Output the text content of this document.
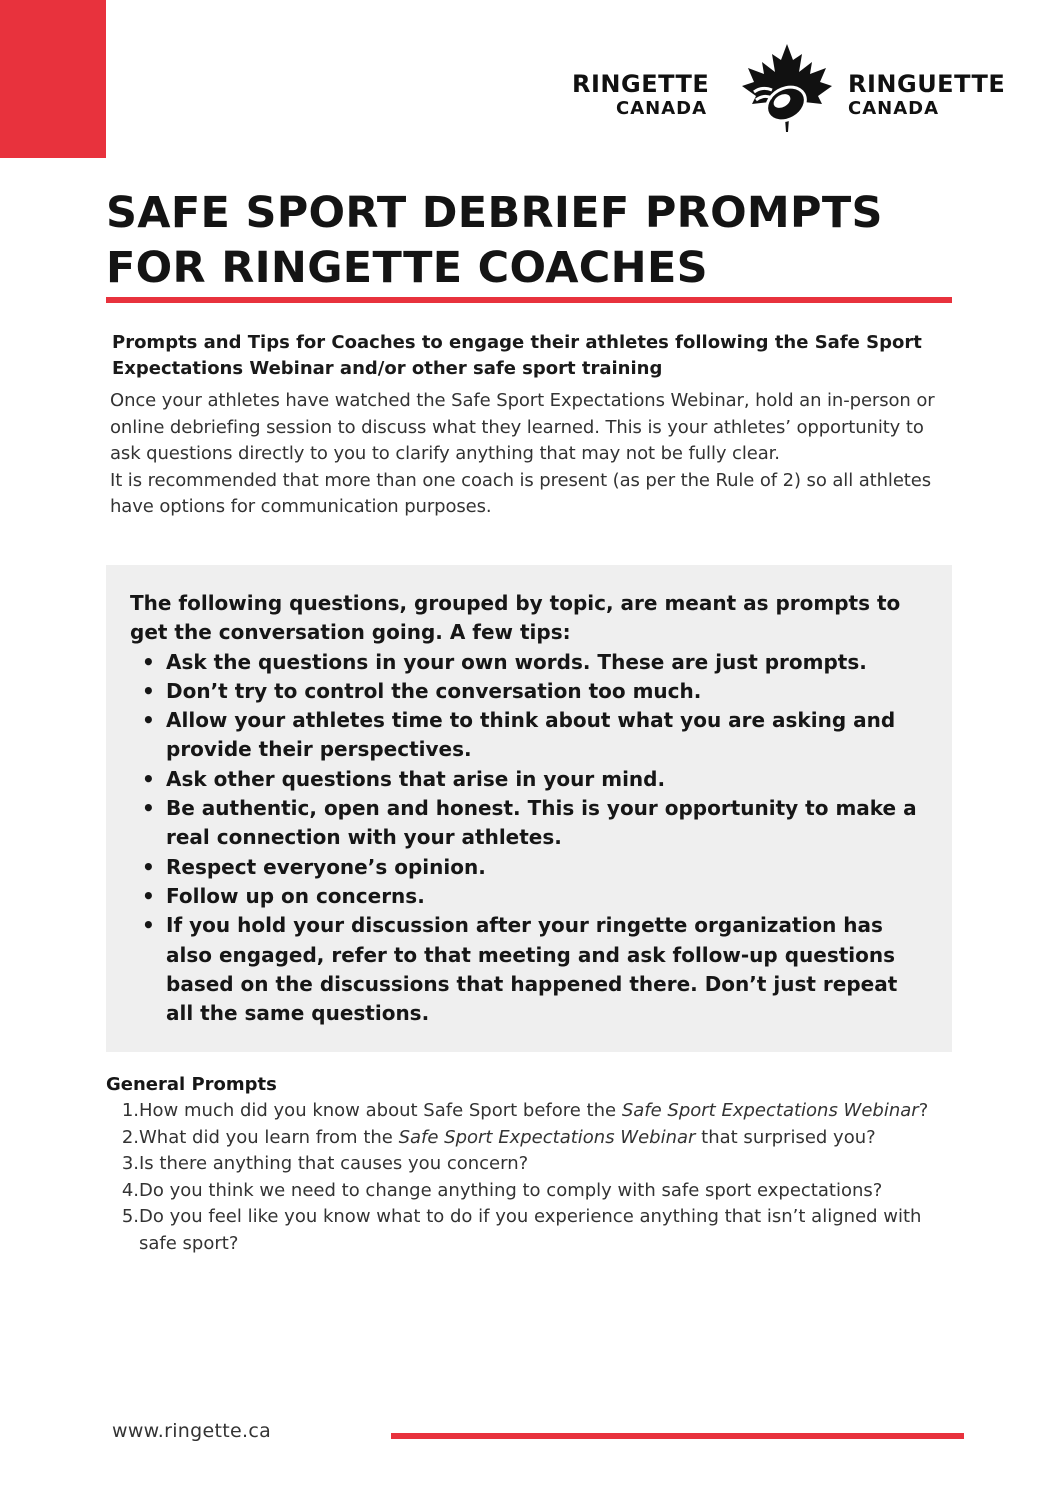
RINGETTE
CANADA
RINGUETTE
CANADA
SAFE SPORT DEBRIEF PROMPTS
FOR RINGETTE COACHES

Prompts and Tips for Coaches to engage their athletes following the Safe Sport Expectations Webinar and/or other safe sport training

Once your athletes have watched the Safe Sport Expectations Webinar, hold an in-person or online debriefing session to discuss what they learned. This is your athletes’ opportunity to ask questions directly to you to clarify anything that may not be fully clear.

It is recommended that more than one coach is present (as per the Rule of 2) so all athletes have options for communication purposes.

The following questions, grouped by topic, are meant as prompts to get the conversation going. A few tips:

• Ask the questions in your own words. These are just prompts.
• Don’t try to control the conversation too much.
• Allow your athletes time to think about what you are asking and provide their perspectives.
• Ask other questions that arise in your mind.
• Be authentic, open and honest. This is your opportunity to make a real connection with your athletes.
• Respect everyone’s opinion.
• Follow up on concerns.
• If you hold your discussion after your ringette organization has also engaged, refer to that meeting and ask follow-up questions based on the discussions that happened there. Don’t just repeat all the same questions.
General Prompts
1. How much did you know about Safe Sport before the Safe Sport Expectations Webinar?
2. What did you learn from the Safe Sport Expectations Webinar that surprised you?
3. Is there anything that causes you concern?
4. Do you think we need to change anything to comply with safe sport expectations?
5. Do you feel like you know what to do if you experience anything that isn’t aligned with safe sport?
www.ringette.ca
